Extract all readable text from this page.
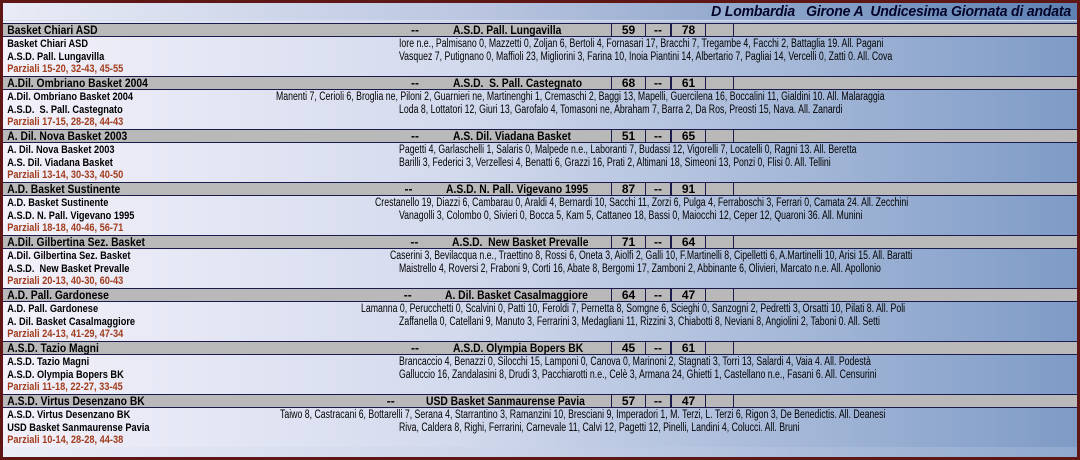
D Lombardia   Girone A  Undicesima Giornata di andata
Basket Chiari ASD	--	A.S.D. Pall. Lungavilla	59	--	78
Basket Chiari ASD	Iore n.e., Palmisano 0, Mazzetti 0, Zoljan 6, Bertoli 4, Fornasari 17, Bracchi 7, Tregambe 4, Facchi 2, Battaglia 19. All. Pagani
A.S.D. Pall. Lungavilla	Vasquez 7, Putignano 0, Maffioli 23, Migliorini 3, Farina 10, Inoia Piantini 14, Albertario 7, Pagliai 14, Vercelli 0, Zatti 0. All. Cova
Parziali 15-20, 32-43, 45-55
A.Dil. Ombriano Basket 2004	--	A.S.D.  S. Pall. Castegnato	68	--	61
A.Dil. Ombriano Basket 2004	Manenti 7, Cerioli 6, Broglia ne, Piloni 2, Guarnieri ne, Martinenghi 1, Cremaschi 2, Baggi 13, Mapelli, Guercilena 16, Boccalini 11, Gialdini 10. All. Malaraggia
A.S.D.  S. Pall. Castegnato	Loda 8, Lottatori 12, Giuri 13, Garofalo 4, Tomasoni ne, Abraham 7, Barra 2, Da Ros, Preosti 15, Nava. All. Zanardi
Parziali 17-15, 28-28, 44-43
A. Dil. Nova Basket 2003	--	A.S. Dil. Viadana Basket	51	--	65
A. Dil. Nova Basket 2003	Pagetti 4, Garlaschelli 1, Salaris 0, Malpede n.e., Laboranti 7, Budassi 12, Vigorelli 7, Locatelli 0, Ragni 13. All. Beretta
A.S. Dil. Viadana Basket	Barilli 3, Federici 3, Verzellesi 4, Benatti 6, Grazzi 16, Prati 2, Altimani 18, Simeoni 13, Ponzi 0, Flisi 0. All. Tellini
Parziali 13-14, 30-33, 40-50
A.D. Basket Sustinente	--	A.S.D. N. Pall. Vigevano 1995	87	--	91
A.D. Basket Sustinente	Crestanello 19, Diazzi 6, Cambarau 0, Araldi 4, Bernardi 10, Sacchi 11, Zorzi 6, Pulga 4, Ferraboschi 3, Ferrari 0, Camata 24. All. Zecchini
A.S.D. N. Pall. Vigevano 1995	Vanagolli 3, Colombo 0, Sivieri 0, Bocca 5, Kam 5, Cattaneo 18, Bassi 0, Maiocchi 12, Ceper 12, Quaroni 36. All. Munini
Parziali 18-18, 40-46, 56-71
A.Dil. Gilbertina Sez. Basket	--	A.S.D.  New Basket Prevalle	71	--	64
A.Dil. Gilbertina Sez. Basket	Caserini 3, Bevilacqua n.e., Traettino 8, Rossi 6, Oneta 3, Aiolfi 2, Galli 10, F.Martinelli 8, Cipelletti 6, A.Martinelli 10, Arisi 15. All. Baratti
A.S.D.  New Basket Prevalle	Maistrello 4, Roversi 2, Fraboni 9, Corti 16, Abate 8, Bergomi 17, Zamboni 2, Abbinante 6, Olivieri, Marcato n.e. All. Apollonio
Parziali 20-13, 40-30, 60-43
A.D. Pall. Gardonese	--	A. Dil. Basket Casalmaggiore	64	--	47
A.D. Pall. Gardonese	Lamanna 0, Perucchetti 0, Scalvini 0, Patti 10, Feroldi 7, Pernetta 8, Somgne 6, Scieghi 0, Sanzogni 2, Pedretti 3, Orsatti 10, Pilati 8. All. Poli
A. Dil. Basket Casalmaggiore	Zaffanella 0, Catellani 9, Manuto 3, Ferrarini 3, Medagliani 11, Rizzini 3, Chiabotti 8, Neviani 8, Angiolini 2, Taboni 0. All. Setti
Parziali 24-13, 41-29, 47-34
A.S.D. Tazio Magni	--	A.S.D. Olympia Bopers BK	45	--	61
A.S.D. Tazio Magni	Brancaccio 4, Benazzi 0, Silocchi 15, Lamponi 0, Canova 0, Marinoni 2, Stagnati 3, Torri 13, Salardi 4, Vaia 4. All. Podestà
A.S.D. Olympia Bopers BK	Galluccio 16, Zandalasini 8, Drudi 3, Pacchiarotti n.e., Celè 3, Armana 24, Ghietti 1, Castellano n.e., Fasani 6. All. Censurini
Parziali 11-18, 22-27, 33-45
A.S.D. Virtus Desenzano BK	--	USD Basket Sanmaurense Pavia	57	--	47
A.S.D. Virtus Desenzano BK	Taiwo 8, Castracani 6, Bottarelli 7, Serana 4, Starrantino 3, Ramanzini 10, Bresciani 9, Imperadori 1, M. Terzi, L. Terzi 6, Rigon 3, De Benedictis. All. Deanesi
USD Basket Sanmaurense Pavia	Riva, Caldera 8, Righi, Ferrarini, Carnevale 11, Calvi 12, Pagetti 12, Pinelli, Landini 4, Colucci. All. Bruni
Parziali 10-14, 28-28, 44-38
